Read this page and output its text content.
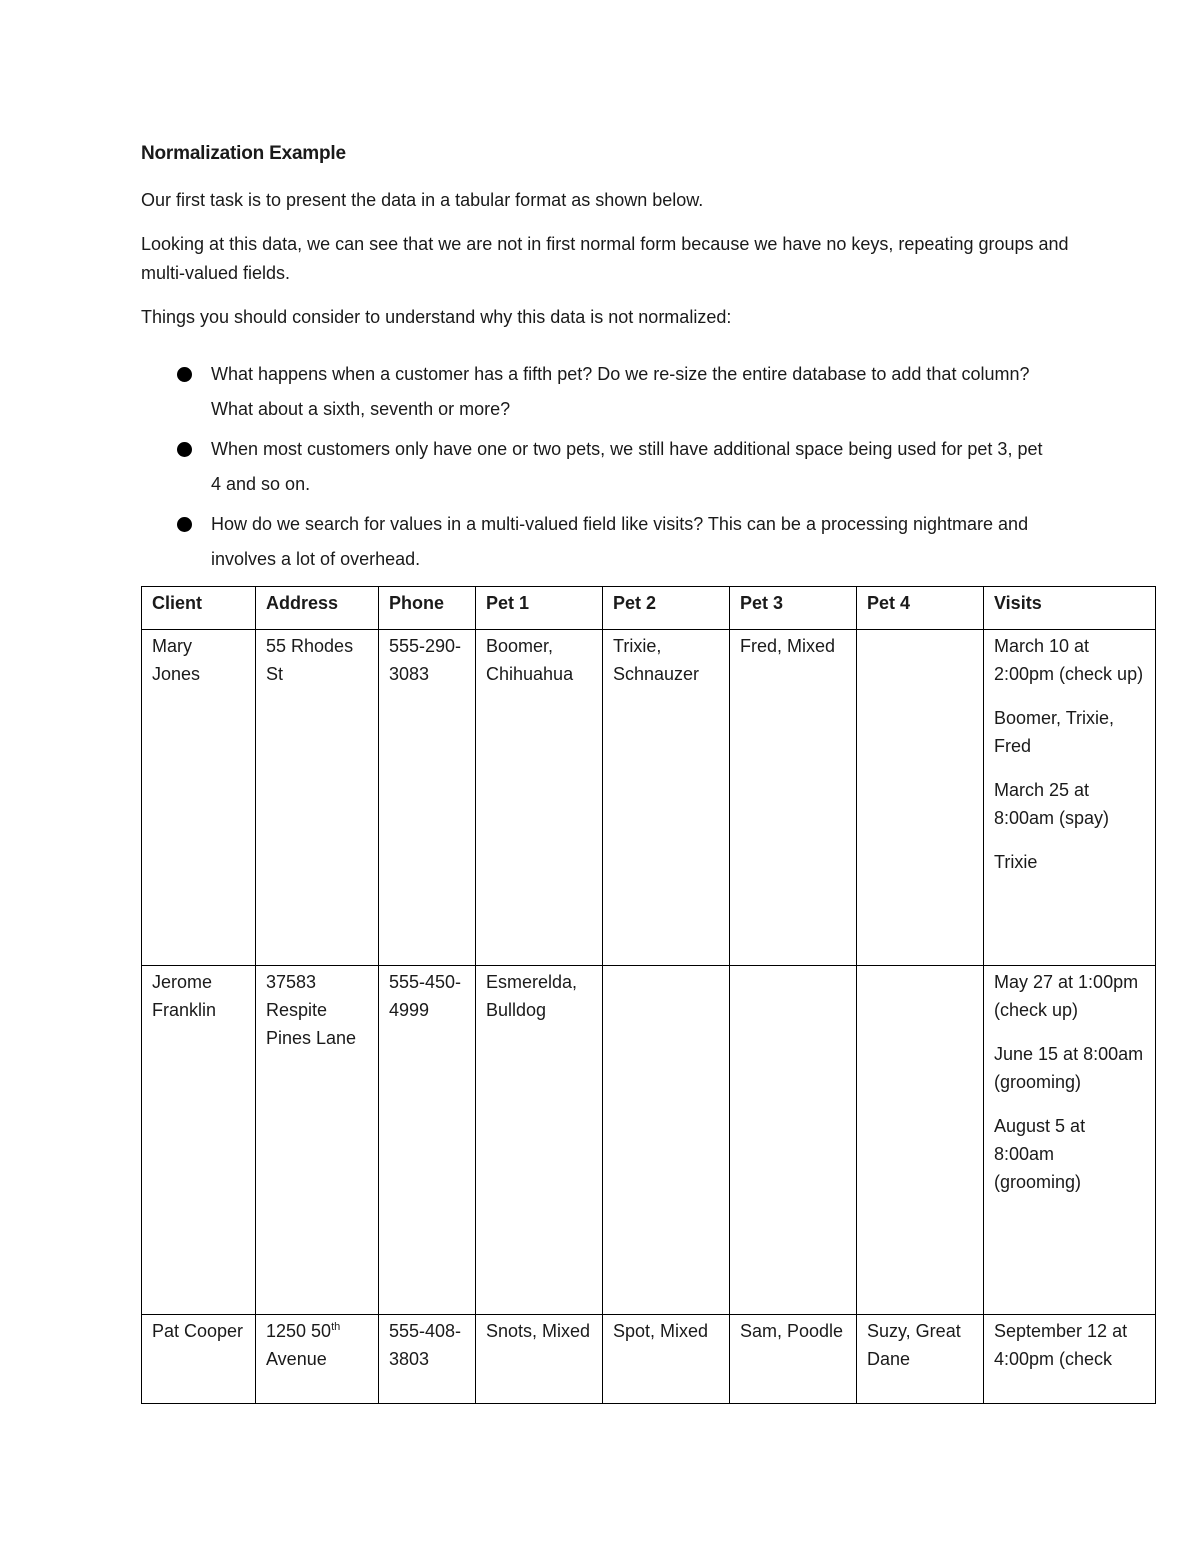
Normalization Example

Our first task is to present the data in a tabular format as shown below.

Looking at this data, we can see that we are not in first normal form because we have no keys, repeating groups and multi-valued fields.

Things you should consider to understand why this data is not normalized:

What happens when a customer has a fifth pet? Do we re-size the entire database to add that column? What about a sixth, seventh or more?
When most customers only have one or two pets, we still have additional space being used for pet 3, pet 4 and so on.
How do we search for values in a multi-valued field like visits? This can be a processing nightmare and involves a lot of overhead.
Client	Address	Phone	Pet 1	Pet 2	Pet 3	Pet 4	Visits
Mary Jones	55 Rhodes St	555-290-3083	Boomer, Chihuahua	Trixie, Schnauzer	Fred, Mixed		March 10 at 2:00pm (check up)

Boomer, Trixie, Fred

March 25 at 8:00am (spay)

Trixie

Jerome Franklin	37583 Respite Pines Lane	555-450-4999	Esmerelda, Bulldog				May 27 at 1:00pm (check up)

June 15 at 8:00am (grooming)

August 5 at 8:00am (grooming)

Pat Cooper	1250 50th Avenue	555-408-3803	Snots, Mixed	Spot, Mixed	Sam, Poodle	Suzy, Great Dane	September 12 at 4:00pm (check
